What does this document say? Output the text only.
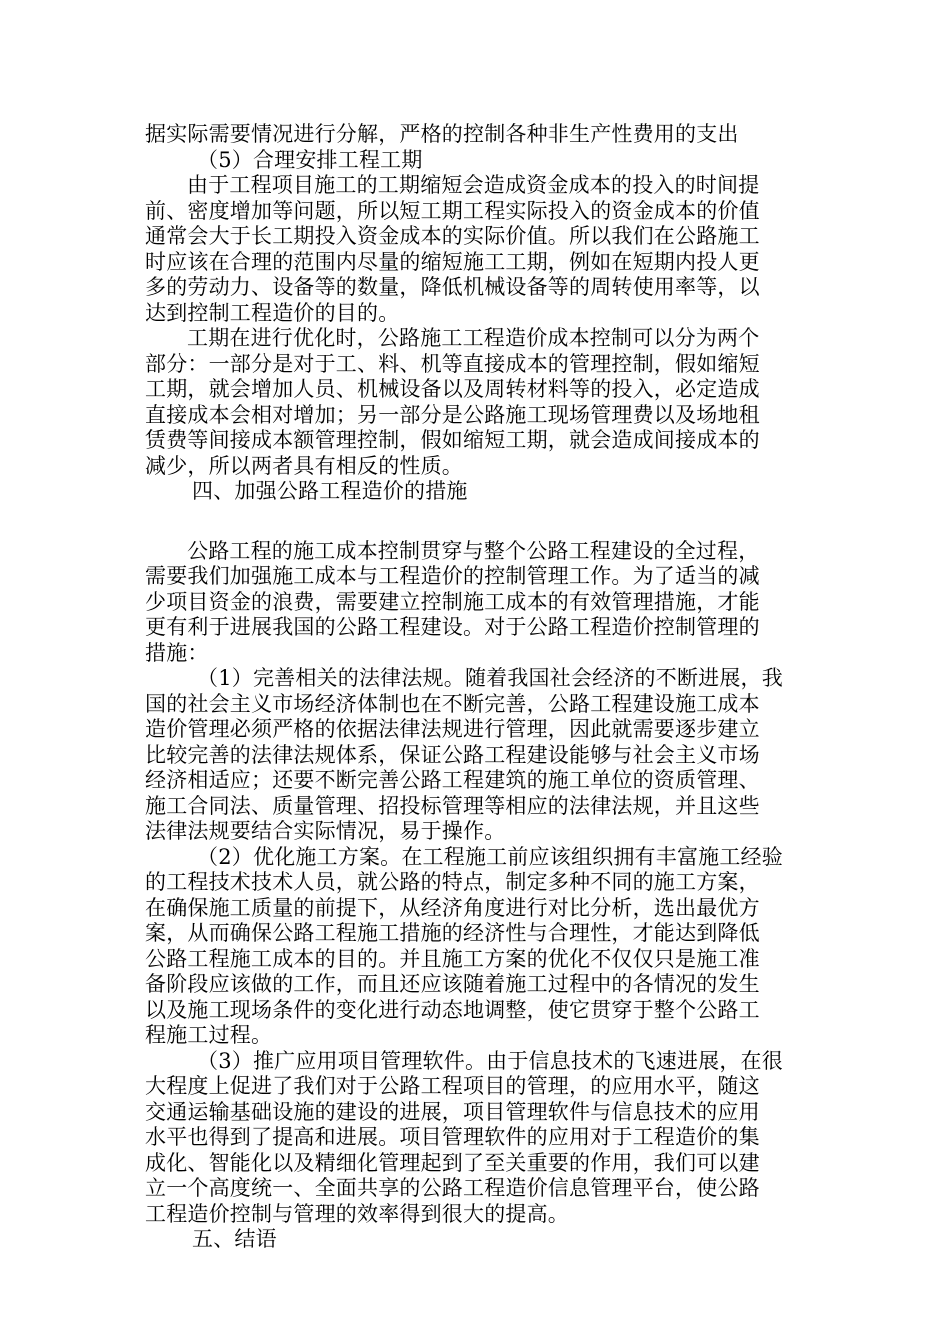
据实际需要情况进行分解，严格的控制各种非生产性费用的支出
（5）合理安排工程工期
由于工程项目施工的工期缩短会造成资金成本的投入的时间提
前、密度增加等问题，所以短工期工程实际投入的资金成本的价值
通常会大于长工期投入资金成本的实际价值。所以我们在公路施工
时应该在合理的范围内尽量的缩短施工工期，例如在短期内投人更
多的劳动力、设备等的数量，降低机械设备等的周转使用率等，以
达到控制工程造价的目的。
工期在进行优化时，公路施工工程造价成本控制可以分为两个
部分：一部分是对于工、料、机等直接成本的管理控制，假如缩短
工期，就会增加人员、机械设备以及周转材料等的投入，必定造成
直接成本会相对增加；另一部分是公路施工现场管理费以及场地租
赁费等间接成本额管理控制，假如缩短工期，就会造成间接成本的
减少，所以两者具有相反的性质。
四、加强公路工程造价的措施
公路工程的施工成本控制贯穿与整个公路工程建设的全过程，
需要我们加强施工成本与工程造价的控制管理工作。为了适当的减
少项目资金的浪费，需要建立控制施工成本的有效管理措施，才能
更有利于进展我国的公路工程建设。对于公路工程造价控制管理的
措施：
（1）完善相关的法律法规。随着我国社会经济的不断进展，我
国的社会主义市场经济体制也在不断完善，公路工程建设施工成本
造价管理必须严格的依据法律法规进行管理，因此就需要逐步建立
比较完善的法律法规体系，保证公路工程建设能够与社会主义市场
经济相适应；还要不断完善公路工程建筑的施工单位的资质管理、
施工合同法、质量管理、招投标管理等相应的法律法规，并且这些
法律法规要结合实际情况，易于操作。
（2）优化施工方案。在工程施工前应该组织拥有丰富施工经验
的工程技术技术人员，就公路的特点，制定多种不同的施工方案，
在确保施工质量的前提下，从经济角度进行对比分析，选出最优方
案，从而确保公路工程施工措施的经济性与合理性，才能达到降低
公路工程施工成本的目的。并且施工方案的优化不仅仅只是施工准
备阶段应该做的工作，而且还应该随着施工过程中的各情况的发生
以及施工现场条件的变化进行动态地调整，使它贯穿于整个公路工
程施工过程。
（3）推广应用项目管理软件。由于信息技术的飞速进展，在很
大程度上促进了我们对于公路工程项目的管理，的应用水平，随这
交通运输基础设施的建设的进展，项目管理软件与信息技术的应用
水平也得到了提高和进展。项目管理软件的应用对于工程造价的集
成化、智能化以及精细化管理起到了至关重要的作用，我们可以建
立一个高度统一、全面共享的公路工程造价信息管理平台，使公路
工程造价控制与管理的效率得到很大的提高。
五、结语
